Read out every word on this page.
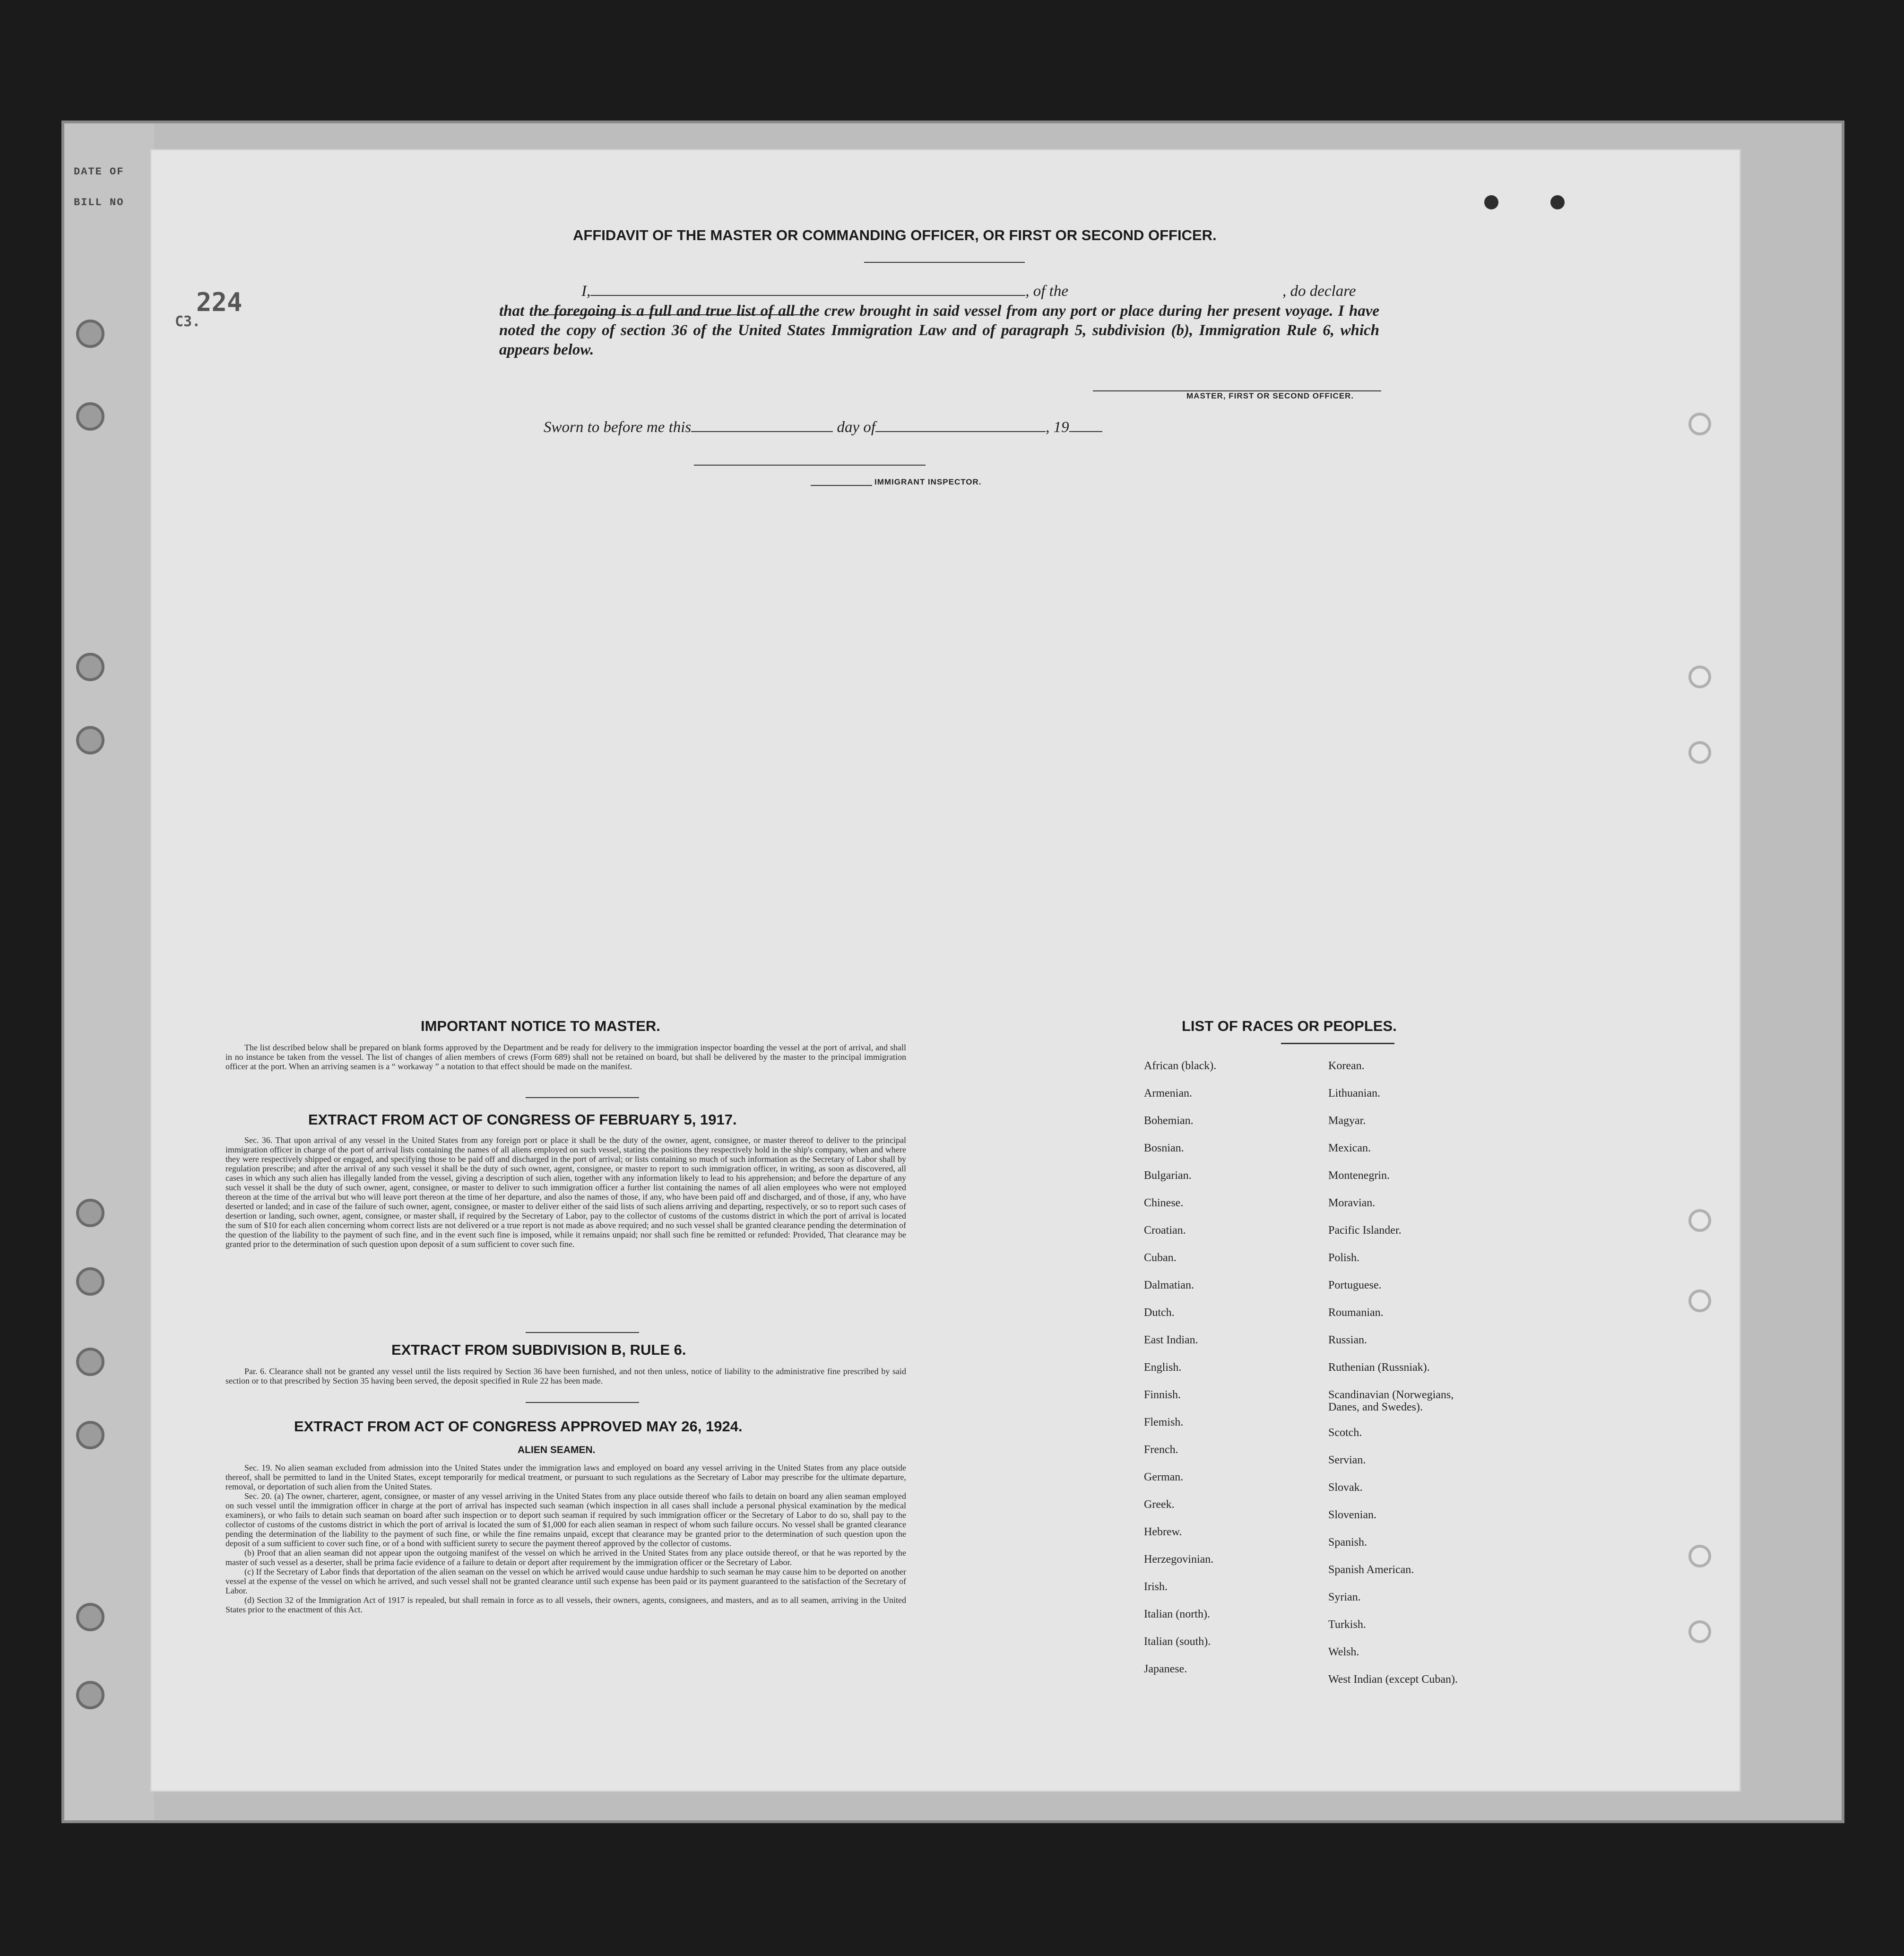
DATE OF
BILL NO
224
C3.
AFFIDAVIT OF THE MASTER OR COMMANDING OFFICER, OR FIRST OR SECOND OFFICER.
I,	, of the	, do declare
that the foregoing is a full and true list of all the crew brought in said vessel from any port or place during her present voyage. I have noted the copy of section 36 of the United States Immigration Law and of paragraph 5, subdivision (b), Immigration Rule 6, which appears below.
MASTER, FIRST OR SECOND OFFICER.
Sworn to before me this	day of	, 19
IMMIGRANT INSPECTOR.
IMPORTANT NOTICE TO MASTER.

The list described below shall be prepared on blank forms approved by the Department and be ready for delivery to the immigration inspector boarding the vessel at the port of arrival, and shall in no instance be taken from the vessel. The list of changes of alien members of crews (Form 689) shall not be retained on board, but shall be delivered by the master to the principal immigration officer at the port. When an arriving seamen is a “ workaway ” a notation to that effect should be made on the manifest.

EXTRACT FROM ACT OF CONGRESS OF FEBRUARY 5, 1917.

Sec. 36. That upon arrival of any vessel in the United States from any foreign port or place it shall be the duty of the owner, agent, consignee, or master thereof to deliver to the principal immigration officer in charge of the port of arrival lists containing the names of all aliens employed on such vessel, stating the positions they respectively hold in the ship's company, when and where they were respectively shipped or engaged, and specifying those to be paid off and discharged in the port of arrival; or lists containing so much of such information as the Secretary of Labor shall by regulation prescribe; and after the arrival of any such vessel it shall be the duty of such owner, agent, consignee, or master to report to such immigration officer, in writing, as soon as discovered, all cases in which any such alien has illegally landed from the vessel, giving a description of such alien, together with any information likely to lead to his apprehension; and before the departure of any such vessel it shall be the duty of such owner, agent, consignee, or master to deliver to such immigration officer a further list containing the names of all alien employees who were not employed thereon at the time of the arrival but who will leave port thereon at the time of her departure, and also the names of those, if any, who have been paid off and discharged, and of those, if any, who have deserted or landed; and in case of the failure of such owner, agent, consignee, or master to deliver either of the said lists of such aliens arriving and departing, respectively, or so to report such cases of desertion or landing, such owner, agent, consignee, or master shall, if required by the Secretary of Labor, pay to the collector of customs of the customs district in which the port of arrival is located the sum of $10 for each alien concerning whom correct lists are not delivered or a true report is not made as above required; and no such vessel shall be granted clearance pending the determination of the question of the liability to the payment of such fine, and in the event such fine is imposed, while it remains unpaid; nor shall such fine be remitted or refunded: Provided, That clearance may be granted prior to the determination of such question upon deposit of a sum sufficient to cover such fine.

EXTRACT FROM SUBDIVISION B, RULE 6.

Par. 6. Clearance shall not be granted any vessel until the lists required by Section 36 have been furnished, and not then unless, notice of liability to the administrative fine prescribed by said section or to that prescribed by Section 35 having been served, the deposit specified in Rule 22 has been made.

EXTRACT FROM ACT OF CONGRESS APPROVED MAY 26, 1924.
ALIEN SEAMEN.

Sec. 19. No alien seaman excluded from admission into the United States under the immigration laws and employed on board any vessel arriving in the United States from any place outside thereof, shall be permitted to land in the United States, except temporarily for medical treatment, or pursuant to such regulations as the Secretary of Labor may prescribe for the ultimate departure, removal, or deportation of such alien from the United States.

Sec. 20. (a) The owner, charterer, agent, consignee, or master of any vessel arriving in the United States from any place outside thereof who fails to detain on board any alien seaman employed on such vessel until the immigration officer in charge at the port of arrival has inspected such seaman (which inspection in all cases shall include a personal physical examination by the medical examiners), or who fails to detain such seaman on board after such inspection or to deport such seaman if required by such immigration officer or the Secretary of Labor to do so, shall pay to the collector of customs of the customs district in which the port of arrival is located the sum of $1,000 for each alien seaman in respect of whom such failure occurs. No vessel shall be granted clearance pending the determination of the liability to the payment of such fine, or while the fine remains unpaid, except that clearance may be granted prior to the determination of such question upon the deposit of a sum sufficient to cover such fine, or of a bond with sufficient surety to secure the payment thereof approved by the collector of customs.

(b) Proof that an alien seaman did not appear upon the outgoing manifest of the vessel on which he arrived in the United States from any place outside thereof, or that he was reported by the master of such vessel as a deserter, shall be prima facie evidence of a failure to detain or deport after requirement by the immigration officer or the Secretary of Labor.

(c) If the Secretary of Labor finds that deportation of the alien seaman on the vessel on which he arrived would cause undue hardship to such seaman he may cause him to be deported on another vessel at the expense of the vessel on which he arrived, and such vessel shall not be granted clearance until such expense has been paid or its payment guaranteed to the satisfaction of the Secretary of Labor.

(d) Section 32 of the Immigration Act of 1917 is repealed, but shall remain in force as to all vessels, their owners, agents, consignees, and masters, and as to all seamen, arriving in the United States prior to the enactment of this Act.

LIST OF RACES OR PEOPLES.
African (black).
Armenian.
Bohemian.
Bosnian.
Bulgarian.
Chinese.
Croatian.
Cuban.
Dalmatian.
Dutch.
East Indian.
English.
Finnish.
Flemish.
French.
German.
Greek.
Hebrew.
Herzegovinian.
Irish.
Italian (north).
Italian (south).
Japanese.
Korean.
Lithuanian.
Magyar.
Mexican.
Montenegrin.
Moravian.
Pacific Islander.
Polish.
Portuguese.
Roumanian.
Russian.
Ruthenian (Russniak).
Scandinavian (Norwegians, Danes, and Swedes).
Scotch.
Servian.
Slovak.
Slovenian.
Spanish.
Spanish American.
Syrian.
Turkish.
Welsh.
West Indian (except Cuban).
